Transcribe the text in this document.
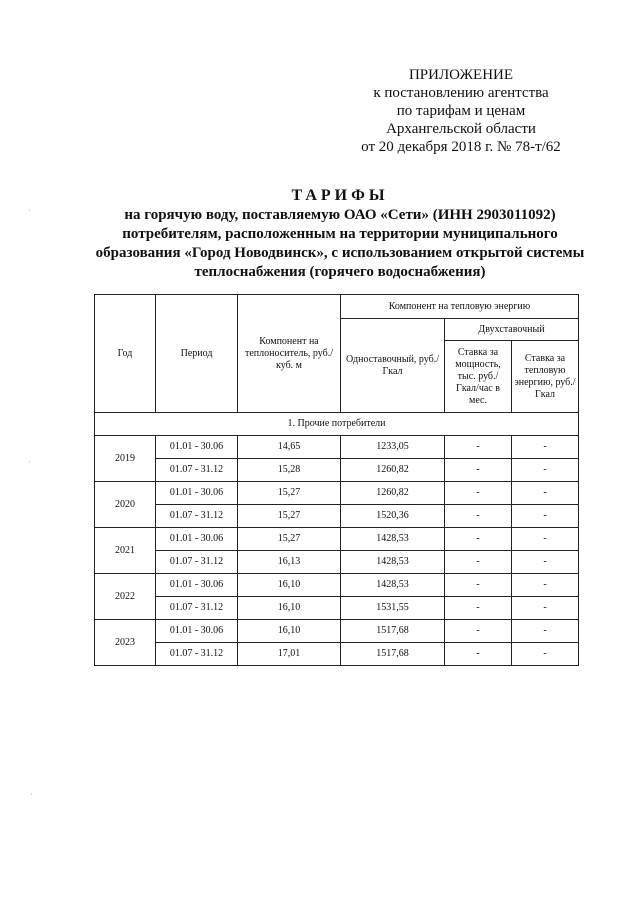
ПРИЛОЖЕНИЕ
к постановлению агентства
по тарифам и ценам
Архангельской области
от 20 декабря 2018 г. № 78-т/62
ТАРИФЫ
на горячую воду, поставляемую ОАО «Сети» (ИНН 2903011092)
потребителям, расположенным на территории муниципального
образования «Город Новодвинск», с использованием открытой системы
теплоснабжения (горячего водоснабжения)
Год	Период	Компонент на теплоноситель, руб./куб. м	Компонент на тепловую энергию		
			Одноставочный, руб./Гкал	Двухставочный	
				Ставка за мощность, тыс. руб./ Гкал/час в мес.	Ставка за тепловую энергию, руб./Гкал
1. Прочие потребители					
2019	01.01 - 30.06	14,65	1233,05	-	-
	01.07 - 31.12	15,28	1260,82	-	-
2020	01.01 - 30.06	15,27	1260,82	-	-
	01.07 - 31.12	15,27	1520,36	-	-
2021	01.01 - 30.06	15,27	1428,53	-	-
	01.07 - 31.12	16,13	1428,53	-	-
2022	01.01 - 30.06	16,10	1428,53	-	-
	01.07 - 31.12	16,10	1531,55	-	-
2023	01.01 - 30.06	16,10	1517,68	-	-
	01.07 - 31.12	17,01	1517,68	-	-
·
·
·
